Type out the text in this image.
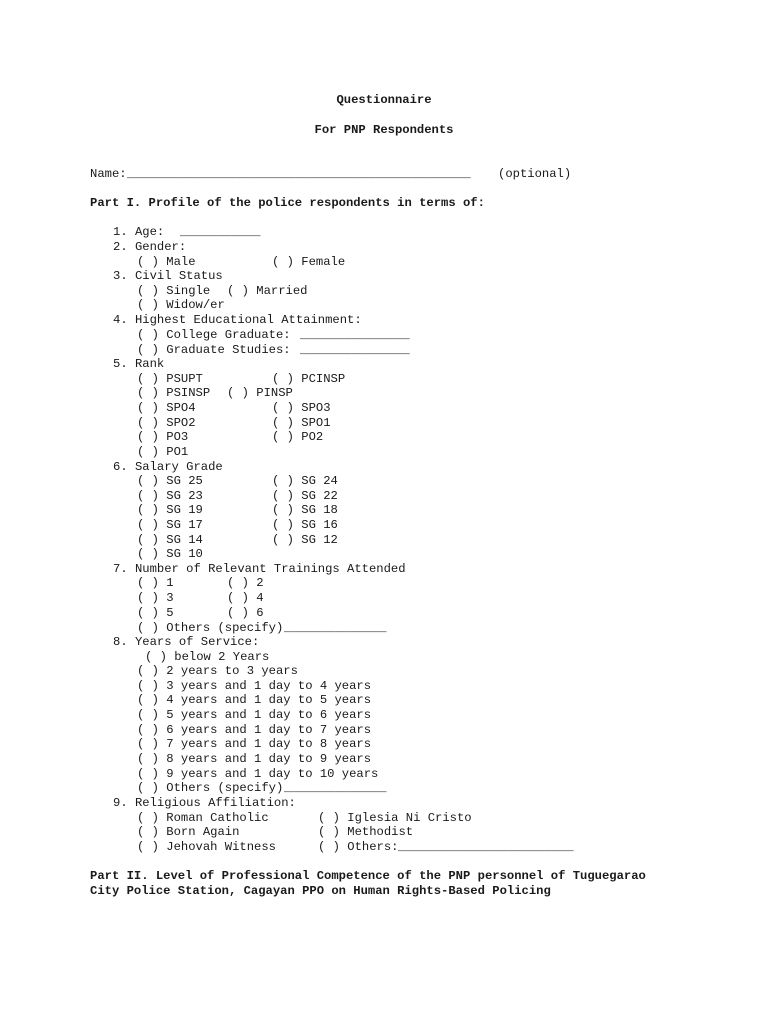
Questionnaire
For PNP Respondents
Name: _______________________________________________ (optional)
Part I. Profile of the police respondents in terms of:
1. Age: ___________
2. Gender:
( ) Male	( ) Female
3. Civil Status
( ) Single ( ) Married
( ) Widow/er
4. Highest Educational Attainment:
( ) College Graduate: _______________
( ) Graduate Studies: _______________
5. Rank
( ) PSUPT	( ) PCINSP
( ) PSINSP ( ) PINSP
( ) SPO4	( ) SPO3
( ) SPO2	( ) SPO1
( ) PO3	( ) PO2
( ) PO1
6. Salary Grade
( ) SG 25	( ) SG 24
( ) SG 23	( ) SG 22
( ) SG 19	( ) SG 18
( ) SG 17	( ) SG 16
( ) SG 14	( ) SG 12
( ) SG 10
7. Number of Relevant Trainings Attended
( ) 1	( ) 2
( ) 3	( ) 4
( ) 5	( ) 6
( ) Others (specify) ______________
8. Years of Service:
( ) below 2 Years
( ) 2 years to 3 years
( ) 3 years and 1 day to 4 years
( ) 4 years and 1 day to 5 years
( ) 5 years and 1 day to 6 years
( ) 6 years and 1 day to 7 years
( ) 7 years and 1 day to 8 years
( ) 8 years and 1 day to 9 years
( ) 9 years and 1 day to 10 years
( ) Others (specify) ______________
9. Religious Affiliation:
( ) Roman Catholic	( ) Iglesia Ni Cristo
( ) Born Again	( ) Methodist
( ) Jehovah Witness	( ) Others: ________________________
Part II. Level of Professional Competence of the PNP personnel of Tuguegarao
City Police Station, Cagayan PPO on Human Rights-Based Policing
